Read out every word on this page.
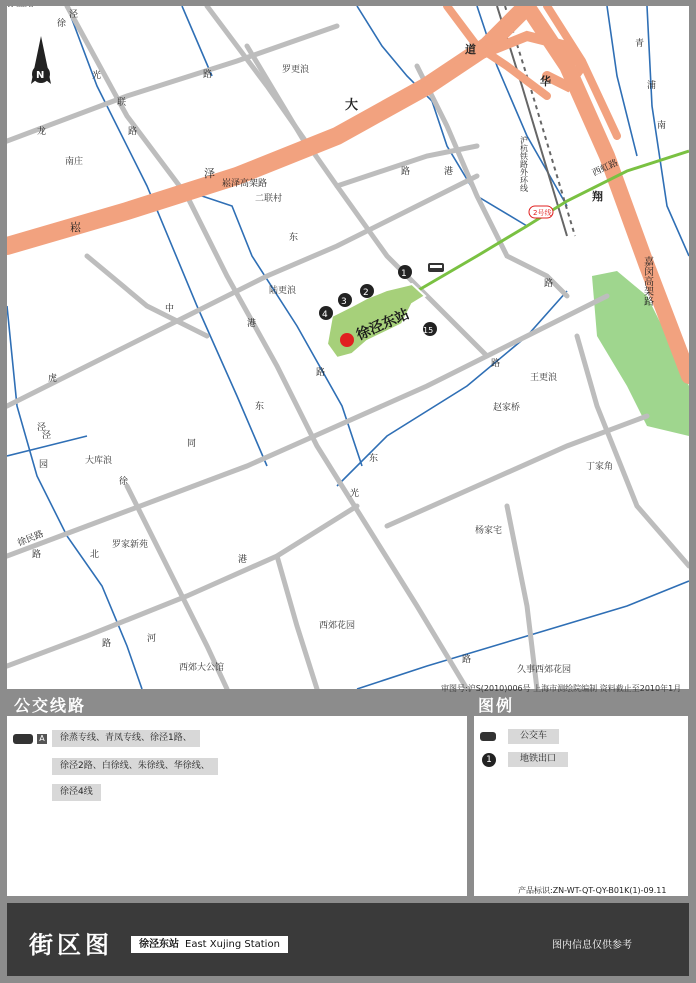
徐泾东站
2号线
1
2
3
4
15
N
大
道
华
龙
崧
泽
崧泽高架路
路
路
路
路
路
路
路
路
路
徐
泾
光
联
东
中
港
港
东
同
徐
徐民路
港
东
光
虎
园
泾
翔
嘉闵高架路
西虹路
沪杭铁路外环线
青
浦
南
北
泾
河
罗更浪
南庄
二联村
陆更浪
王更浪
赵家桥
大库浪
丁家角
罗家新苑
杨家宅
西郊花园
西郊大公馆	久事西郊花园
审图号:沪S(2010)006号 上海市测绘院编制 资料截止至2010年1月
公交线路	图例
A	徐蒸专线、青凤专线、徐泾1路、
徐泾2路、白徐线、朱徐线、华徐线、
徐泾4线
公交车
1	地铁出口
产品标识:ZN-WT-QT-QY-B01K(1)-09.11
街区图	徐泾东站 East Xujing Station	图内信息仅供参考
